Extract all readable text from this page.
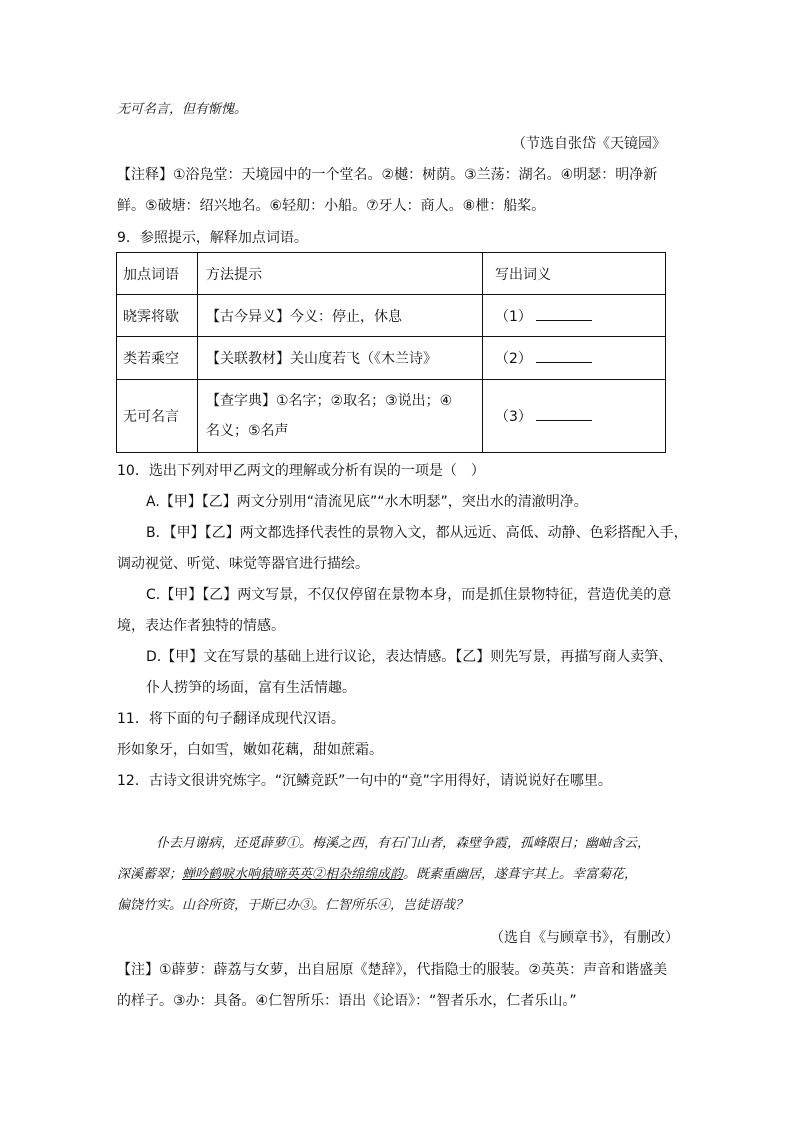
无可名言，但有惭愧。
（节选自张岱《天镜园》
【注释】①浴凫堂：天境园中的一个堂名。②樾：树荫。③兰荡：湖名。④明瑟：明净新
鲜。⑤破塘：绍兴地名。⑥轻舠：小船。⑦牙人：商人。⑧枻：船桨。
9．参照提示，解释加点词语。
加点词语	方法提示	写出词义
晓霁将歇	【古今异义】今义：停止，休息	（1）
类若乘空	【关联教材】关山度若飞（《木兰诗》	（2）
无可名言	【查字典】①名字；②取名；③说出；④
名义；⑤名声	（3）
10．选出下列对甲乙两文的理解或分析有误的一项是（　）
A.【甲】【乙】两文分别用“清流见底”“水木明瑟”，突出水的清澈明净。
B．【甲】【乙】两文都选择代表性的景物入文，都从远近、高低、动静、色彩搭配入手，
调动视觉、听觉、味觉等器官进行描绘。
C.【甲】【乙】两文写景，不仅仅停留在景物本身，而是抓住景物特征，营造优美的意
境，表达作者独特的情感。
D.【甲】文在写景的基础上进行议论，表达情感。【乙】则先写景，再描写商人卖笋、
仆人捞笋的场面，富有生活情趣。
11．将下面的句子翻译成现代汉语。
形如象牙，白如雪，嫩如花藕，甜如蔗霜。
12．古诗文很讲究炼字。“沉鳞竞跃”一句中的“竟”字用得好，请说说好在哪里。
仆去月谢病，还觅薜萝①。梅溪之西，有石门山者，森壁争霞，孤峰限日；幽岫含云，
深溪蓄翠；蝉吟鹤唳水响猿啼英英②相杂绵绵成韵。既素重幽居，遂葺宇其上。幸富菊花，
偏饶竹实。山谷所资，于斯已办③。仁智所乐④，岂徒语哉？
（选自《与顾章书》，有删改）
【注】①薜萝：薜荔与女萝，出自屈原《楚辞》，代指隐士的服装。②英英：声音和谐盛美
的样子。③办：具备。④仁智所乐：语出《论语》：“智者乐水，仁者乐山。”
